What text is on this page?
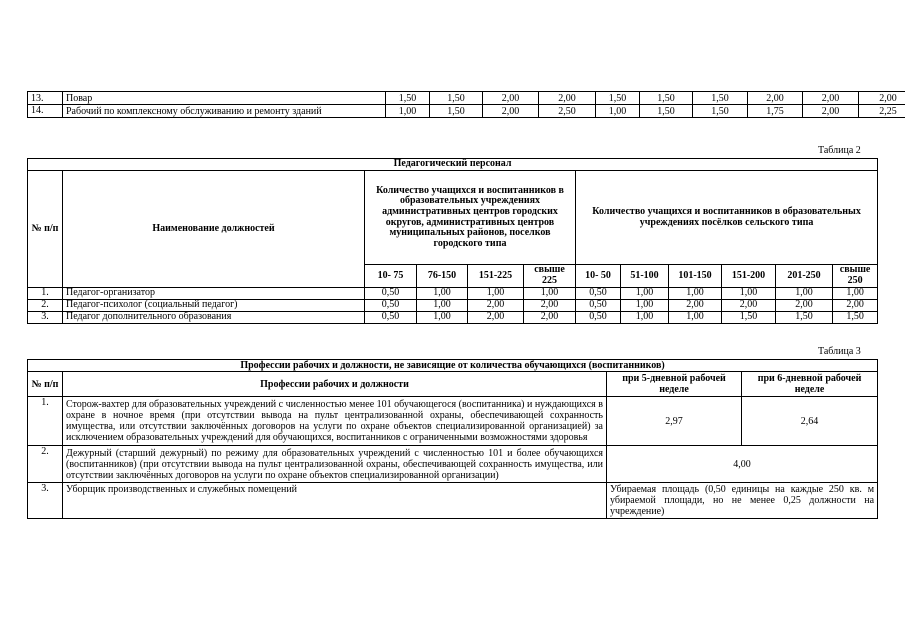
13.	Повар	1,50	1,50	2,00	2,00	1,50	1,50	1,50	2,00	2,00	2,00
14.	Рабочий по комплексному обслуживанию и ремонту зданий	1,00	1,50	2,00	2,50	1,00	1,50	1,50	1,75	2,00	2,25
Таблица 2
Педагогический персонал											
№ п/п	Наименование должностей	Количество учащихся и воспитанников в образовательных учреждениях административных центров городских округов, административных центров муниципальных районов, поселков городского типа				Количество учащихся и воспитанников в образовательных учреждениях посёлков сельского типа					
		10- 75	76-150	151-225	свыше 225	10- 50	51-100	101-150	151-200	201-250	свыше 250
1.	Педагог-организатор	0,50	1,00	1,00	1,00	0,50	1,00	1,00	1,00	1,00	1,00
2.	Педагог-психолог (социальный педагог)	0,50	1,00	2,00	2,00	0,50	1,00	2,00	2,00	2,00	2,00
3.	Педагог дополнительного образования	0,50	1,00	2,00	2,00	0,50	1,00	1,00	1,50	1,50	1,50
Таблица 3
Профессии рабочих и должности, не зависящие от количества обучающихся (воспитанников)			
№ п/п	Профессии рабочих и должности	при 5-дневной рабочей неделе	при 6-дневной рабочей неделе
1.	Сторож-вахтер для образовательных учреждений с численностью менее 101 обучающегося (воспитанника) и нуждающихся в охране в ночное время (при отсутствии вывода на пульт централизованной охраны, обеспечивающей сохранность имущества, или отсутствии заключённых договоров на услуги по охране объектов специализированной организацией) за исключением образовательных учреждений для обучающихся, воспитанников с ограниченными возможностями здоровья	2,97	2,64
2.	Дежурный (старший дежурный) по режиму для образовательных учреждений с численностью 101 и более обучающихся (воспитанников) (при отсутствии вывода на пульт централизованной охраны, обеспечивающей сохранность имущества, или отсутствии заключённых договоров на услуги по охране объектов специализированной организации)	4,00	
3.	Уборщик производственных и служебных помещений	Убираемая площадь (0,50 единицы на каждые 250 кв. м убираемой площади, но не менее 0,25 должности на учреждение)	
